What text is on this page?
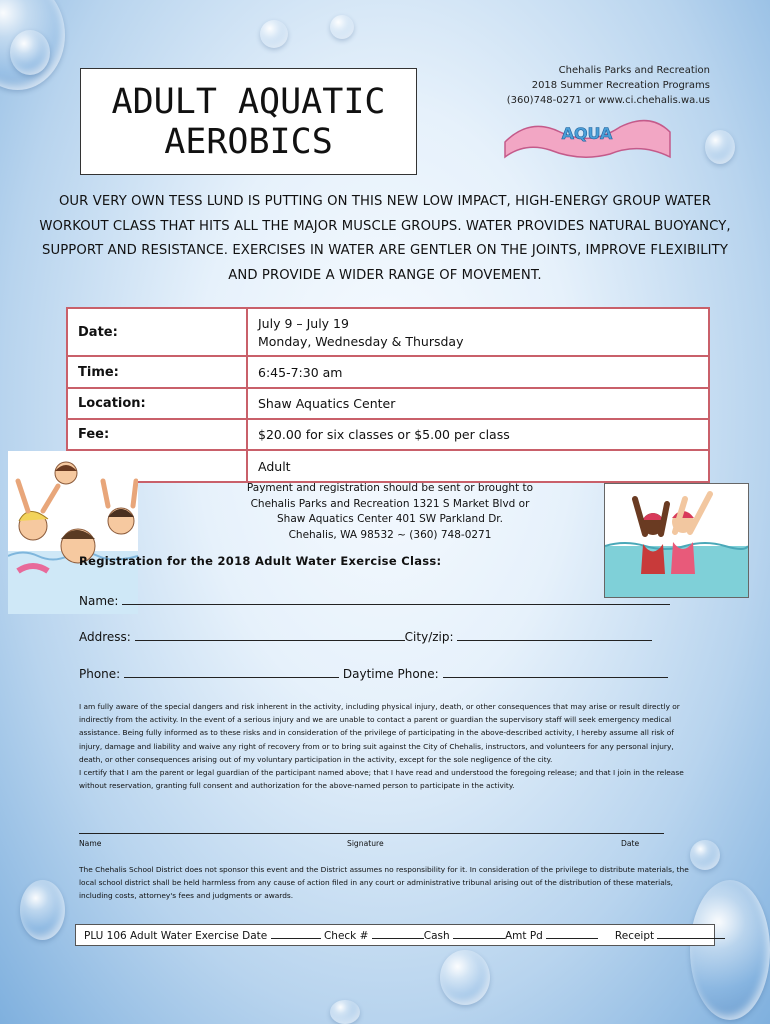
ADULT AQUATIC
AEROBICS
Chehalis Parks and Recreation
2018 Summer Recreation Programs
(360)748-0271 or www.ci.chehalis.wa.us
AQUA
OUR VERY OWN TESS LUND IS PUTTING ON THIS NEW LOW IMPACT, HIGH-ENERGY GROUP WATER WORKOUT CLASS THAT HITS ALL THE MAJOR MUSCLE GROUPS. WATER PROVIDES NATURAL BUOYANCY, SUPPORT AND RESISTANCE. EXERCISES IN WATER ARE GENTLER ON THE JOINTS, IMPROVE FLEXIBILITY AND PROVIDE A WIDER RANGE OF MOVEMENT.
Date:	July 9 – July 19
Monday, Wednesday & Thursday

Time:	6:45-7:30 am
Location:	Shaw Aquatics Center
Fee:	$20.00 for six classes or $5.00 per class
	Adult
Payment and registration should be sent or brought to
Chehalis Parks and Recreation 1321 S Market Blvd or
Shaw Aquatics Center 401 SW Parkland Dr.
Chehalis, WA 98532 ~ (360) 748-0271
Registration for the 2018 Adult Water Exercise Class:
Name:
Address:	City/zip:
Phone:	Daytime Phone:
I am fully aware of the special dangers and risk inherent in the activity, including physical injury, death, or other consequences that may arise or result directly or indirectly from the activity. In the event of a serious injury and we are unable to contact a parent or guardian the supervisory staff will seek emergency medical assistance. Being fully informed as to these risks and in consideration of the privilege of participating in the above-described activity, I hereby assume all risk of injury, damage and liability and waive any right of recovery from or to bring suit against the City of Chehalis, instructors, and volunteers for any personal injury, death, or other consequences arising out of my voluntary participation in the activity, except for the sole negligence of the city.
I certify that I am the parent or legal guardian of the participant named above; that I have read and understood the foregoing release; and that I join in the release without reservation, granting full consent and authorization for the above-named person to participate in the activity.
Name	Signature	Date
The Chehalis School District does not sponsor this event and the District assumes no responsibility for it. In consideration of the privilege to distribute materials, the local school district shall be held harmless from any cause of action filed in any court or administrative tribunal arising out of the distribution of these materials, including costs, attorney's fees and judgments or awards.
PLU 106 Adult Water Exercise Date	Check #	Cash	Amt Pd	Receipt
